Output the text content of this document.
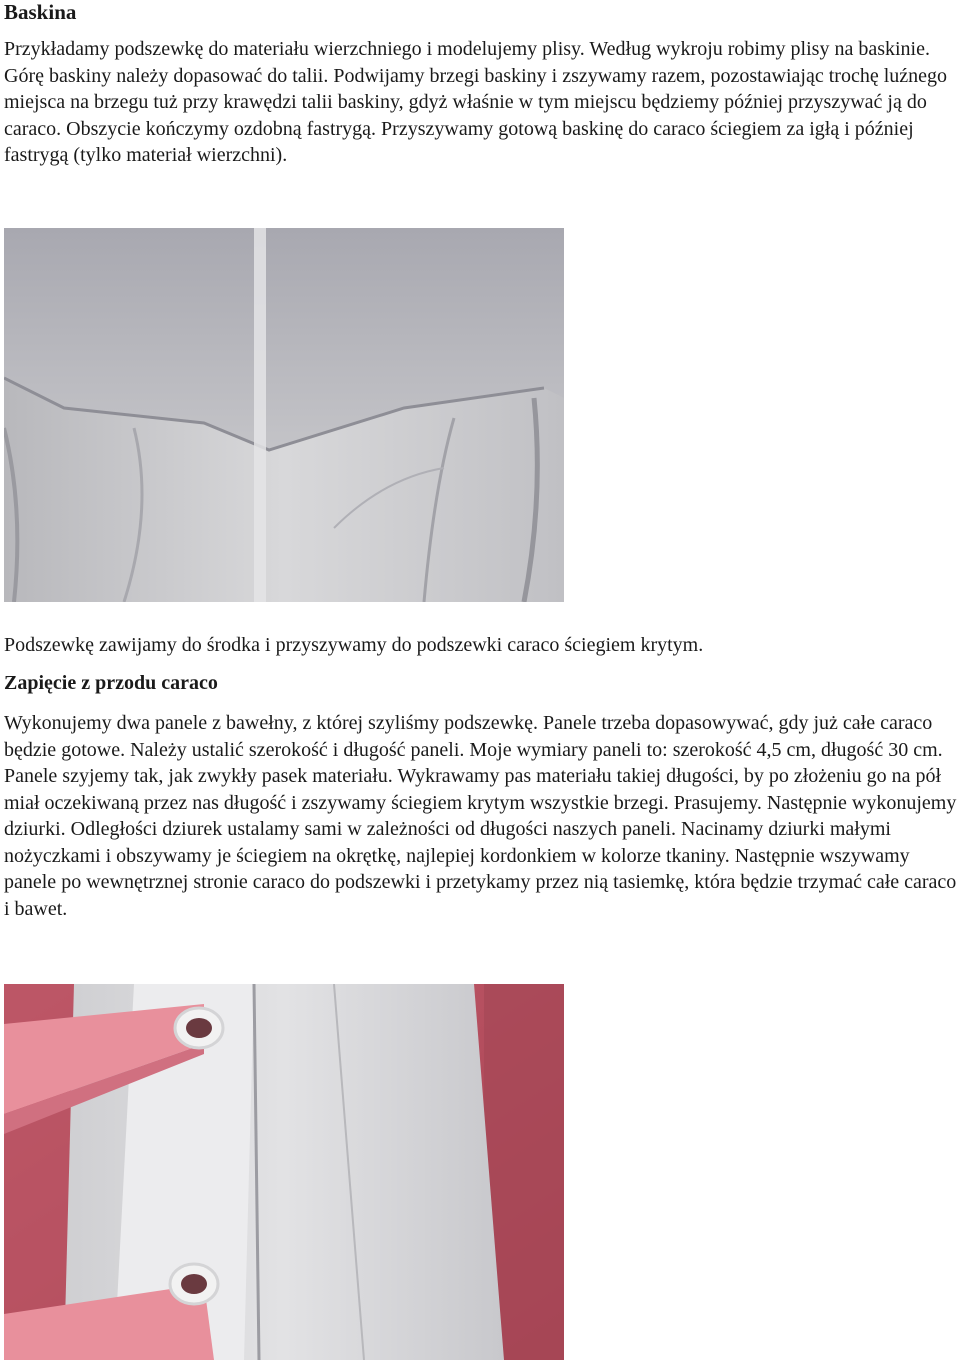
Baskina

Przykładamy podszewkę do materiału wierzchniego i modelujemy plisy. Według wykroju robimy plisy na baskinie. Górę baskiny należy dopasować do talii. Podwijamy brzegi baskiny i zszywamy razem, pozostawiając trochę luźnego miejsca na brzegu tuż przy krawędzi talii baskiny, gdyż właśnie w tym miejscu będziemy później przyszywać ją do caraco. Obszycie kończymy ozdobną fastrygą. Przyszywamy gotową baskinę do caraco ściegiem za igłą i później fastrygą (tylko materiał wierzchni).

Podszewkę zawijamy do środka i przyszywamy do podszewki caraco ściegiem krytym.

Zapięcie z przodu caraco

Wykonujemy dwa panele z bawełny, z której szyliśmy podszewkę. Panele trzeba dopasowywać, gdy już całe caraco będzie gotowe. Należy ustalić szerokość i długość paneli. Moje wymiary paneli to: szerokość 4,5 cm, długość 30 cm. Panele szyjemy tak, jak zwykły pasek materiału. Wykrawamy pas materiału takiej długości, by po złożeniu go na pół miał oczekiwaną przez nas długość i zszywamy ściegiem krytym wszystkie brzegi. Prasujemy. Następnie wykonujemy dziurki. Odległości dziurek ustalamy sami w zależności od długości naszych paneli. Nacinamy dziurki małymi nożyczkami i obszywamy je ściegiem na okrętkę, najlepiej kordonkiem w kolorze tkaniny. Następnie wszywamy panele po wewnętrznej stronie caraco do podszewki i przetykamy przez nią tasiemkę, która będzie trzymać całe caraco i bawet.
